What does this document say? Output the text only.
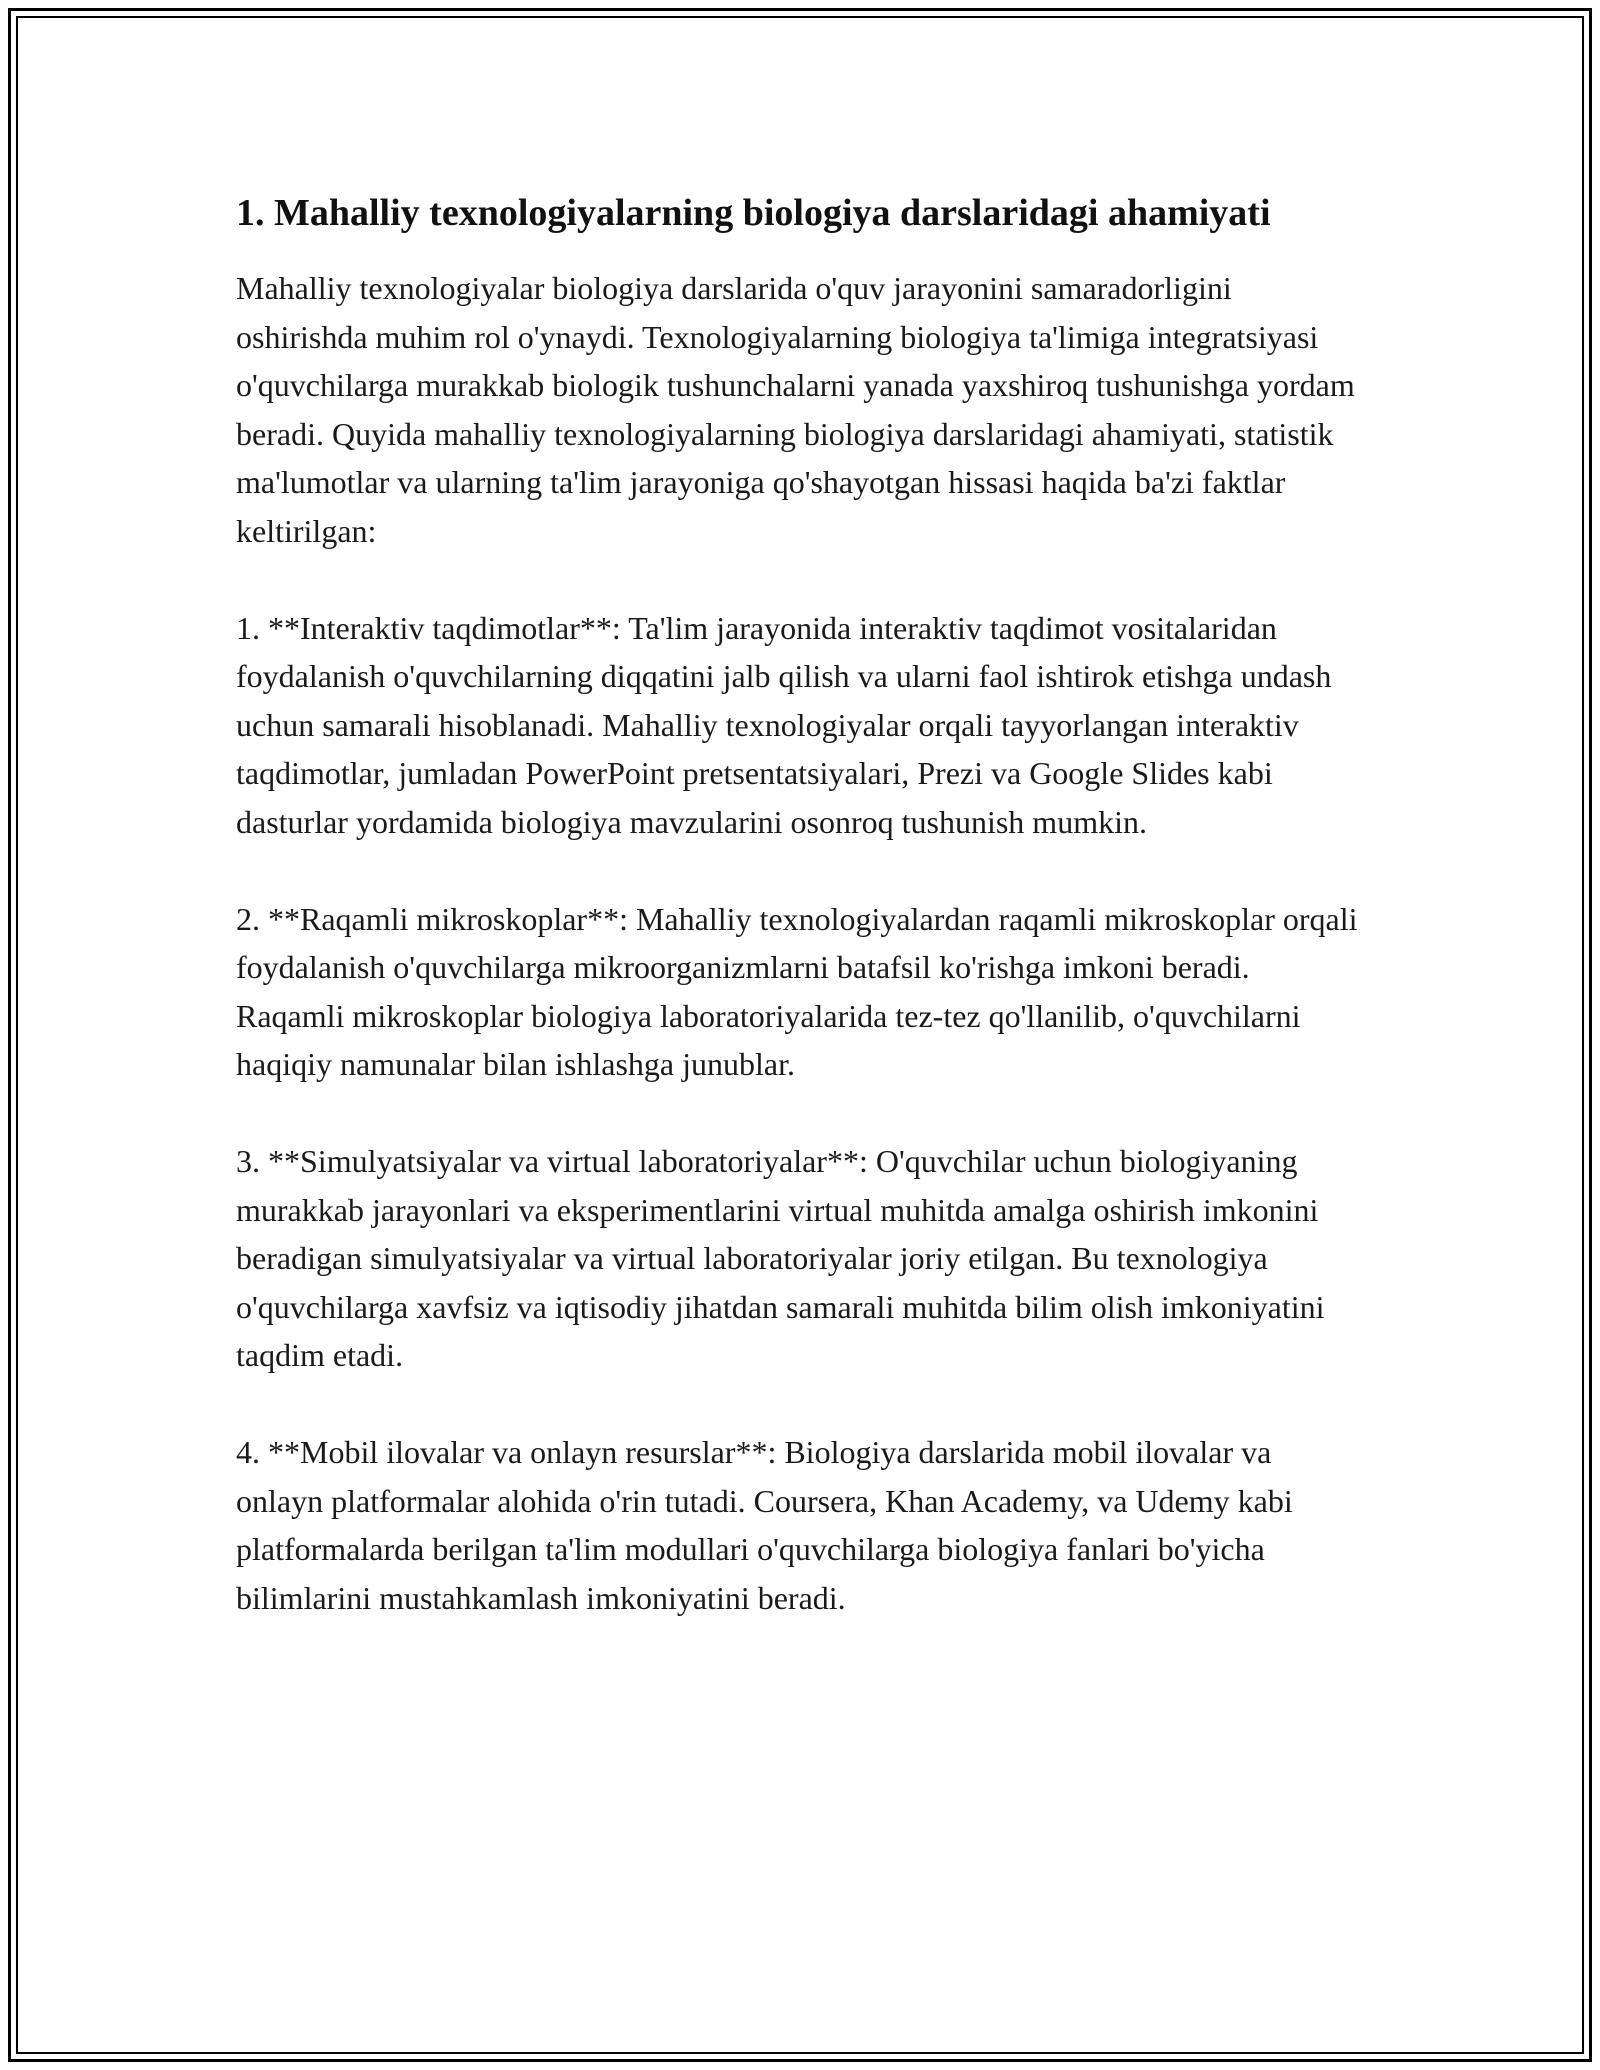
1. Mahalliy texnologiyalarning biologiya darslaridagi ahamiyati

Mahalliy texnologiyalar biologiya darslarida o'quv jarayonini samaradorligini oshirishda muhim rol o'ynaydi. Texnologiyalarning biologiya ta'limiga integratsiyasi o'quvchilarga murakkab biologik tushunchalarni yanada yaxshiroq tushunishga yordam beradi. Quyida mahalliy texnologiyalarning biologiya darslaridagi ahamiyati, statistik ma'lumotlar va ularning ta'lim jarayoniga qo'shayotgan hissasi haqida ba'zi faktlar keltirilgan:

1. **Interaktiv taqdimotlar**: Ta'lim jarayonida interaktiv taqdimot vositalaridan foydalanish o'quvchilarning diqqatini jalb qilish va ularni faol ishtirok etishga undash uchun samarali hisoblanadi. Mahalliy texnologiyalar orqali tayyorlangan interaktiv taqdimotlar, jumladan PowerPoint pretsentatsiyalari, Prezi va Google Slides kabi dasturlar yordamida biologiya mavzularini osonroq tushunish mumkin.

2. **Raqamli mikroskoplar**: Mahalliy texnologiyalardan raqamli mikroskoplar orqali foydalanish o'quvchilarga mikroorganizmlarni batafsil ko'rishga imkoni beradi. Raqamli mikroskoplar biologiya laboratoriyalarida tez-tez qo'llanilib, o'quvchilarni haqiqiy namunalar bilan ishlashga junublar.

3. **Simulyatsiyalar va virtual laboratoriyalar**: O'quvchilar uchun biologiyaning murakkab jarayonlari va eksperimentlarini virtual muhitda amalga oshirish imkonini beradigan simulyatsiyalar va virtual laboratoriyalar joriy etilgan. Bu texnologiya o'quvchilarga xavfsiz va iqtisodiy jihatdan samarali muhitda bilim olish imkoniyatini taqdim etadi.

4. **Mobil ilovalar va onlayn resurslar**: Biologiya darslarida mobil ilovalar va onlayn platformalar alohida o'rin tutadi. Coursera, Khan Academy, va Udemy kabi platformalarda berilgan ta'lim modullari o'quvchilarga biologiya fanlari bo'yicha bilimlarini mustahkamlash imkoniyatini beradi.
